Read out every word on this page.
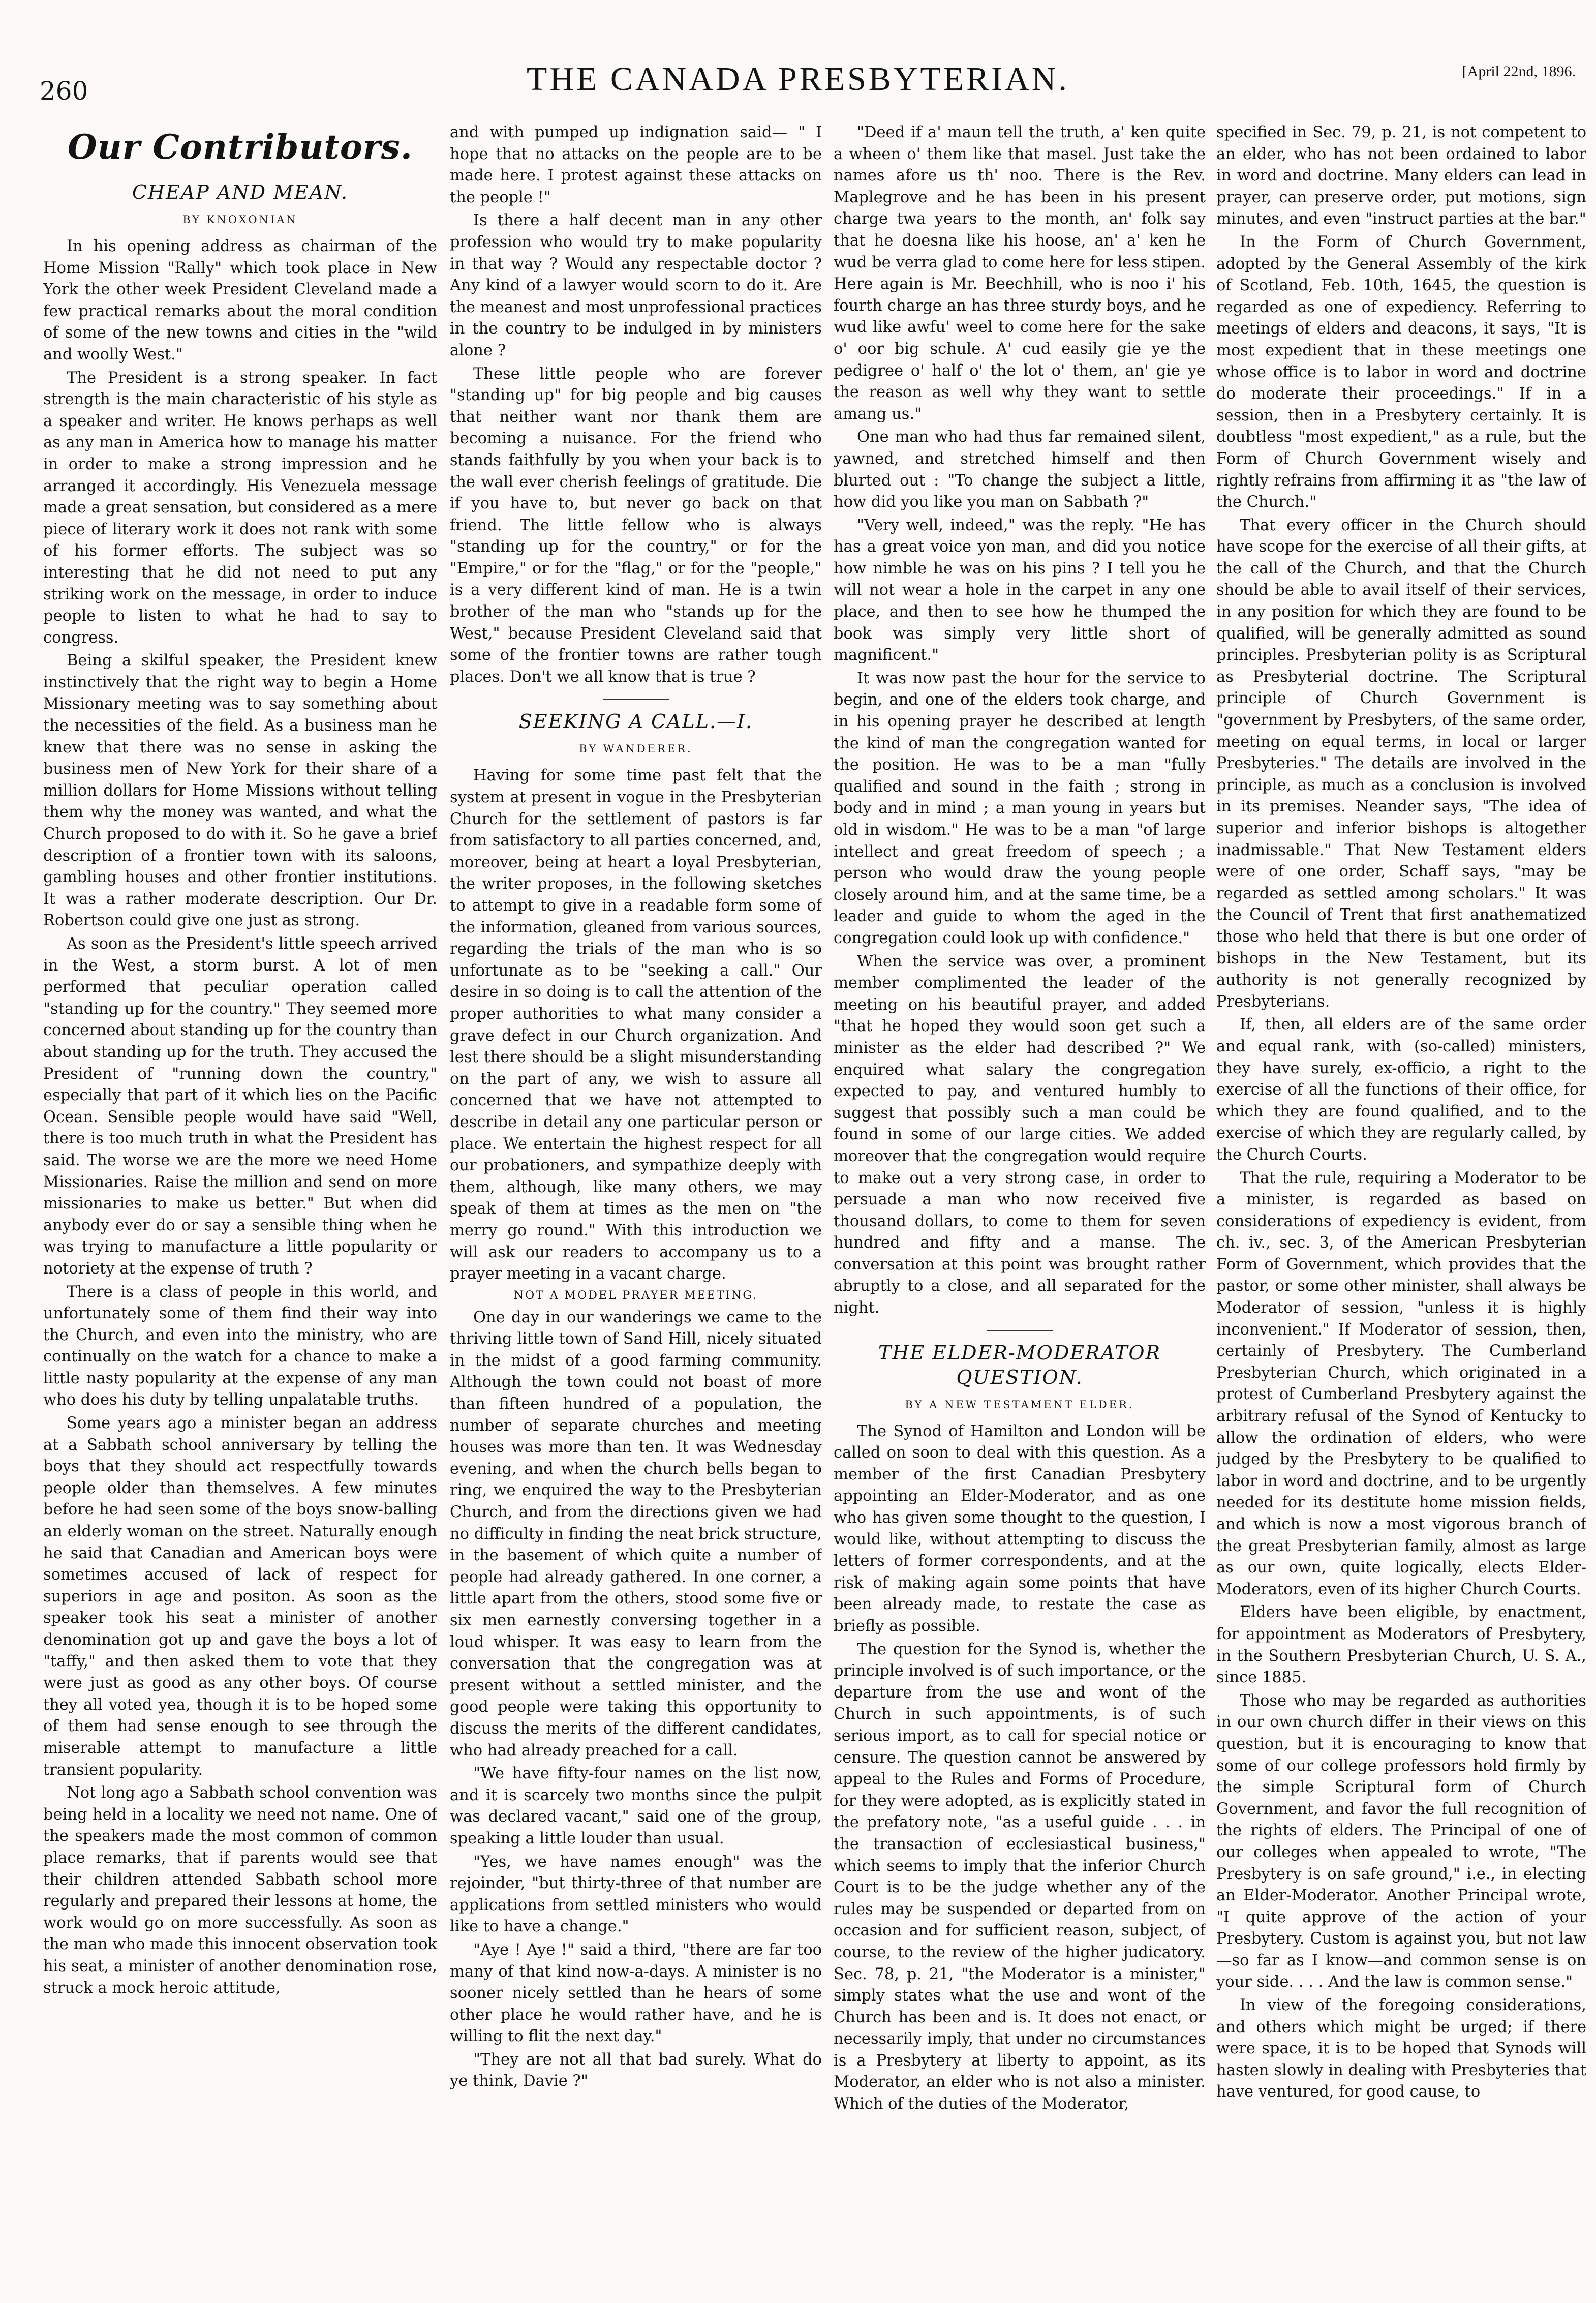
260	THE CANADA PRESBYTERIAN.	[April 22nd, 1896.
Our Contributors.
CHEAP AND MEAN.
BY KNOXONIAN

In his opening address as chairman of the Home Mission "Rally" which took place in New York the other week President Cleveland made a few practical remarks about the moral condition of some of the new towns and cities in the "wild and woolly West."

The President is a strong speaker. In fact strength is the main characteristic of his style as a speaker and writer. He knows perhaps as well as any man in America how to manage his matter in order to make a strong impression and he arranged it accordingly. His Venezuela message made a great sensation, but considered as a mere piece of literary work it does not rank with some of his former efforts. The subject was so interesting that he did not need to put any striking work on the message, in order to induce people to listen to what he had to say to congress.

Being a skilful speaker, the President knew instinctively that the right way to begin a Home Missionary meeting was to say something about the necessities of the field. As a business man he knew that there was no sense in asking the business men of New York for their share of a million dollars for Home Missions without telling them why the money was wanted, and what the Church proposed to do with it. So he gave a brief description of a frontier town with its saloons, gambling houses and other frontier institutions. It was a rather moderate description. Our Dr. Robertson could give one just as strong.

As soon as the President's little speech arrived in the West, a storm burst. A lot of men performed that peculiar operation called "standing up for the country." They seemed more concerned about standing up for the country than about standing up for the truth. They accused the President of "running down the country," especially that part of it which lies on the Pacific Ocean. Sensible people would have said "Well, there is too much truth in what the President has said. The worse we are the more we need Home Missionaries. Raise the million and send on more missionaries to make us better." But when did anybody ever do or say a sensible thing when he was trying to manufacture a little popularity or notoriety at the expense of truth ?

There is a class of people in this world, and unfortunately some of them find their way into the Church, and even into the ministry, who are continually on the watch for a chance to make a little nasty popularity at the expense of any man who does his duty by telling unpalatable truths.

Some years ago a minister began an address at a Sabbath school anniversary by telling the boys that they should act respectfully towards people older than themselves. A few minutes before he had seen some of the boys snow-balling an elderly woman on the street. Naturally enough he said that Canadian and American boys were sometimes accused of lack of respect for superiors in age and positon. As soon as the speaker took his seat a minister of another denomination got up and gave the boys a lot of "taffy," and then asked them to vote that they were just as good as any other boys. Of course they all voted yea, though it is to be hoped some of them had sense enough to see through the miserable attempt to manufacture a little transient popularity.

Not long ago a Sabbath school convention was being held in a locality we need not name. One of the speakers made the most common of common place remarks, that if parents would see that their children attended Sabbath school more regularly and prepared their lessons at home, the work would go on more successfully. As soon as the man who made this innocent observation took his seat, a minister of another denomination rose, struck a mock heroic attitude,

and with pumped up indignation said— " I hope that no attacks on the people are to be made here. I protest against these attacks on the people !"

Is there a half decent man in any other profession who would try to make popularity in that way ? Would any respectable doctor ? Any kind of a lawyer would scorn to do it. Are the meanest and most unprofessional practices in the country to be indulged in by ministers alone ?

These little people who are forever "standing up" for big people and big causes that neither want nor thank them are becoming a nuisance. For the friend who stands faithfully by you when your back is to the wall ever cherish feelings of gratitude. Die if you have to, but never go back on that friend. The little fellow who is always "standing up for the country," or for the "Empire," or for the "flag," or for the "people," is a very different kind of man. He is a twin brother of the man who "stands up for the West," because President Cleveland said that some of the frontier towns are rather tough places. Don't we all know that is true ?

SEEKING A CALL.—I.
BY WANDERER.

Having for some time past felt that the system at present in vogue in the Presbyterian Church for the settlement of pastors is far from satisfactory to all parties concerned, and, moreover, being at heart a loyal Presbyterian, the writer proposes, in the following sketches to attempt to give in a readable form some of the information, gleaned from various sources, regarding the trials of the man who is so unfortunate as to be "seeking a call." Our desire in so doing is to call the attention of the proper authorities to what many consider a grave defect in our Church organization. And lest there should be a slight misunderstanding on the part of any, we wish to assure all concerned that we have not attempted to describe in detail any one particular person or place. We entertain the highest respect for all our probationers, and sympathize deeply with them, although, like many others, we may speak of them at times as the men on "the merry go round." With this introduction we will ask our readers to accompany us to a prayer meeting in a vacant charge.

NOT A MODEL PRAYER MEETING.

One day in our wanderings we came to the thriving little town of Sand Hill, nicely situated in the midst of a good farming community. Although the town could not boast of more than fifteen hundred of a population, the number of separate churches and meeting houses was more than ten. It was Wednesday evening, and when the church bells began to ring, we enquired the way to the Presbyterian Church, and from the directions given we had no difficulty in finding the neat brick structure, in the basement of which quite a number of people had already gathered. In one corner, a little apart from the others, stood some five or six men earnestly conversing together in a loud whisper. It was easy to learn from the conversation that the congregation was at present without a settled minister, and the good people were taking this opportunity to discuss the merits of the different candidates, who had already preached for a call.

"We have fifty-four names on the list now, and it is scarcely two months since the pulpit was declared vacant," said one of the group, speaking a little louder than usual.

"Yes, we have names enough" was the rejoinder, "but thirty-three of that number are applications from settled ministers who would like to have a change."

"Aye ! Aye !" said a third, "there are far too many of that kind now-a-days. A minister is no sooner nicely settled than he hears of some other place he would rather have, and he is willing to flit the next day."

"They are not all that bad surely. What do ye think, Davie ?"

"Deed if a' maun tell the truth, a' ken quite a wheen o' them like that masel. Just take the names afore us th' noo. There is the Rev. Maplegrove and he has been in his present charge twa years to the month, an' folk say that he doesna like his hoose, an' a' ken he wud be verra glad to come here for less stipen. Here again is Mr. Beechhill, who is noo i' his fourth charge an has three sturdy boys, and he wud like awfu' weel to come here for the sake o' oor big schule. A' cud easily gie ye the pedigree o' half o' the lot o' them, an' gie ye the reason as well why they want to settle amang us."

One man who had thus far remained silent, yawned, and stretched himself and then blurted out : "To change the subject a little, how did you like you man on Sabbath ?"

"Very well, indeed," was the reply. "He has has a great voice yon man, and did you notice how nimble he was on his pins ? I tell you he will not wear a hole in the carpet in any one place, and then to see how he thumped the book was simply very little short of magnificent."

It was now past the hour for the service to begin, and one of the elders took charge, and in his opening prayer he described at length the kind of man the congregation wanted for the position. He was to be a man "fully qualified and sound in the faith ; strong in body and in mind ; a man young in years but old in wisdom." He was to be a man "of large intellect and great freedom of speech ; a person who would draw the young people closely around him, and at the same time, be a leader and guide to whom the aged in the congregation could look up with confidence."

When the service was over, a prominent member complimented the leader of the meeting on his beautiful prayer, and added "that he hoped they would soon get such a minister as the elder had described ?" We enquired what salary the congregation expected to pay, and ventured humbly to suggest that possibly such a man could be found in some of our large cities. We added moreover that the congregation would require to make out a very strong case, in order to persuade a man who now received five thousand dollars, to come to them for seven hundred and fifty and a manse. The conversation at this point was brought rather abruptly to a close, and all separated for the night.

THE ELDER-MODERATOR QUESTION.
BY A NEW TESTAMENT ELDER.

The Synod of Hamilton and London will be called on soon to deal with this question. As a member of the first Canadian Presbytery appointing an Elder-Moderator, and as one who has given some thought to the question, I would like, without attempting to discuss the letters of former correspondents, and at the risk of making again some points that have been already made, to restate the case as briefly as possible.

The question for the Synod is, whether the principle involved is of such importance, or the departure from the use and wont of the Church in such appointments, is of such serious import, as to call for special notice or censure. The question cannot be answered by appeal to the Rules and Forms of Procedure, for they were adopted, as is explicitly stated in the prefatory note, "as a useful guide . . . in the transaction of ecclesiastical business," which seems to imply that the inferior Church Court is to be the judge whether any of the rules may be suspended or departed from on occasion and for sufficient reason, subject, of course, to the review of the higher judicatory. Sec. 78, p. 21, "the Moderator is a minister," simply states what the use and wont of the Church has been and is. It does not enact, or necessarily imply, that under no circumstances is a Presbytery at liberty to appoint, as its Moderator, an elder who is not also a minister. Which of the duties of the Moderator,

specified in Sec. 79, p. 21, is not competent to an elder, who has not been ordained to labor in word and doctrine. Many elders can lead in prayer, can preserve order, put motions, sign minutes, and even "instruct parties at the bar."

In the Form of Church Government, adopted by the General Assembly of the kirk of Scotland, Feb. 10th, 1645, the question is regarded as one of expediency. Referring to meetings of elders and deacons, it says, "It is most expedient that in these meetings one whose office is to labor in word and doctrine do moderate their proceedings." If in a session, then in a Presbytery certainly. It is doubtless "most expedient," as a rule, but the Form of Church Government wisely and rightly refrains from affirming it as "the law of the Church."

That every officer in the Church should have scope for the exercise of all their gifts, at the call of the Church, and that the Church should be able to avail itself of their services, in any position for which they are found to be qualified, will be generally admitted as sound principles. Presbyterian polity is as Scriptural as Presbyterial doctrine. The Scriptural principle of Church Government is "government by Presbyters, of the same order, meeting on equal terms, in local or larger Presbyteries." The details are involved in the principle, as much as a conclusion is involved in its premises. Neander says, "The idea of superior and inferior bishops is altogether inadmissable." That New Testament elders were of one order, Schaff says, "may be regarded as settled among scholars." It was the Council of Trent that first anathematized those who held that there is but one order of bishops in the New Testament, but its authority is not generally recognized by Presbyterians.

If, then, all elders are of the same order and equal rank, with (so-called) ministers, they have surely, ex-officio, a right to the exercise of all the functions of their office, for which they are found qualified, and to the exercise of which they are regularly called, by the Church Courts.

That the rule, requiring a Moderator to be a minister, is regarded as based on considerations of expediency is evident, from ch. iv., sec. 3, of the American Presbyterian Form of Government, which provides that the pastor, or some other minister, shall always be Moderator of session, "unless it is highly inconvenient." If Moderator of session, then, certainly of Presbytery. The Cumberland Presbyterian Church, which originated in a protest of Cumberland Presbytery against the arbitrary refusal of the Synod of Kentucky to allow the ordination of elders, who were judged by the Presbytery to be qualified to labor in word and doctrine, and to be urgently needed for its destitute home mission fields, and which is now a most vigorous branch of the great Presbyterian family, almost as large as our own, quite logically, elects Elder-Moderators, even of its higher Church Courts.

Elders have been eligible, by enactment, for appointment as Moderators of Presbytery, in the Southern Presbyterian Church, U. S. A., since 1885.

Those who may be regarded as authorities in our own church differ in their views on this question, but it is encouraging to know that some of our college professors hold firmly by the simple Scriptural form of Church Government, and favor the full recognition of the rights of elders. The Principal of one of our colleges when appealed to wrote, "The Presbytery is on safe ground," i.e., in electing an Elder-Moderator. Another Principal wrote, "I quite approve of the action of your Presbytery. Custom is against you, but not law—so far as I know—and common sense is on your side. . . . And the law is common sense."

In view of the foregoing considerations, and others which might be urged; if there were space, it is to be hoped that Synods will hasten slowly in dealing with Presbyteries that have ventured, for good cause, to
